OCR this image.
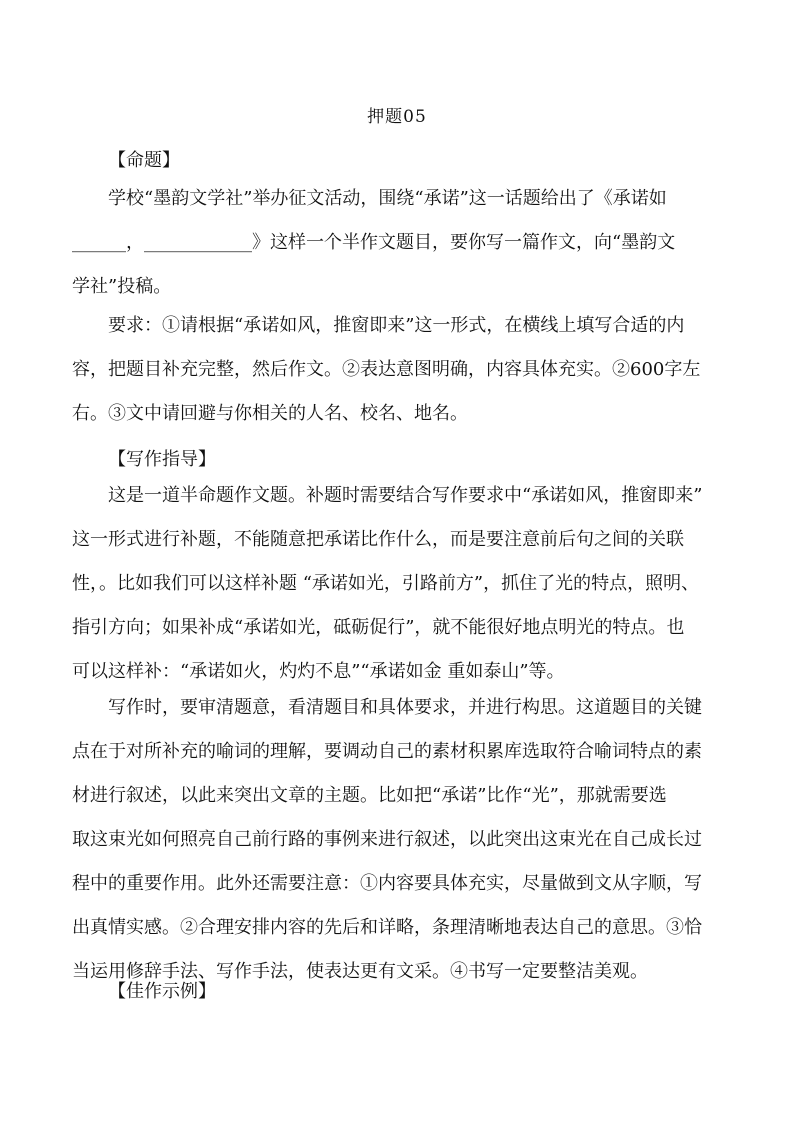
押题05
【命题】
学校“墨韵文学社”举办征文活动，围绕“承诺”这一话题给出了《承诺如
______，____________》这样一个半作文题目，要你写一篇作文，向“墨韵文
学社”投稿。
要求：①请根据“承诺如风，推窗即来”这一形式，在横线上填写合适的内
容，把题目补充完整，然后作文。②表达意图明确，内容具体充实。②600字左
右。③文中请回避与你相关的人名、校名、地名。
【写作指导】
这是一道半命题作文题。补题时需要结合写作要求中“承诺如风，推窗即来”
这一形式进行补题，不能随意把承诺比作什么，而是要注意前后句之间的关联
性，。比如我们可以这样补题 “承诺如光，引路前方”，抓住了光的特点，照明、
指引方向；如果补成“承诺如光，砥砺促行”，就不能很好地点明光的特点。也
可以这样补：“承诺如火，灼灼不息”“承诺如金 重如泰山”等。
写作时，要审清题意，看清题目和具体要求，并进行构思。这道题目的关键
点在于对所补充的喻词的理解，要调动自己的素材积累库选取符合喻词特点的素
材进行叙述，以此来突出文章的主题。比如把“承诺”比作“光”，那就需要选
取这束光如何照亮自己前行路的事例来进行叙述，以此突出这束光在自己成长过
程中的重要作用。此外还需要注意：①内容要具体充实，尽量做到文从字顺，写
出真情实感。②合理安排内容的先后和详略，条理清晰地表达自己的意思。③恰
当运用修辞手法、写作手法，使表达更有文采。④书写一定要整洁美观。
【佳作示例】
